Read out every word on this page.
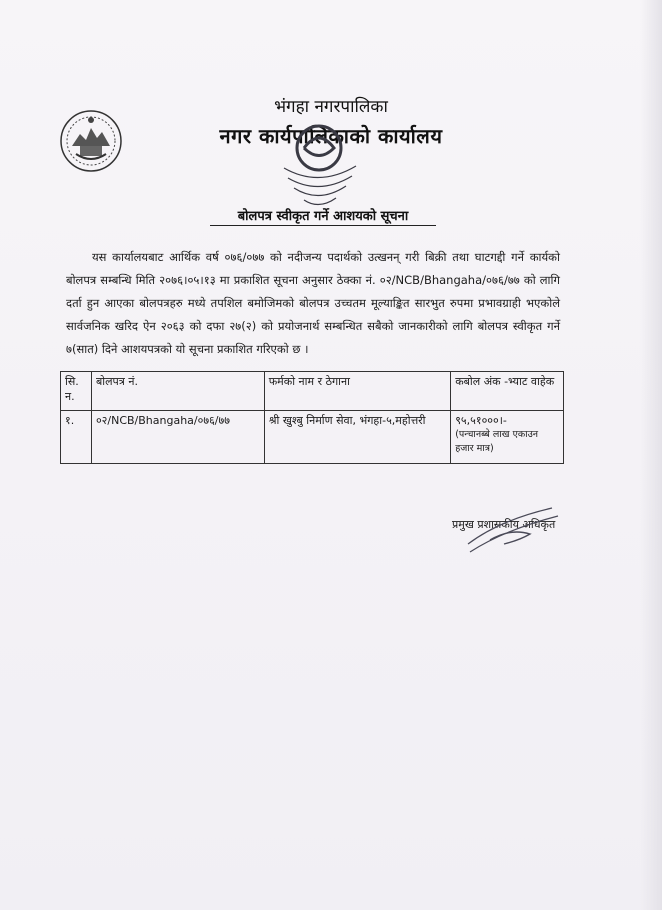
भंगहा नगरपालिका
नगर कार्यपालिकाको कार्यालय
बोलपत्र स्वीकृत गर्ने आशयको सूचना
यस कार्यालयबाट आर्थिक वर्ष ०७६/०७७ को नदीजन्य पदार्थको उत्खनन् गरी बिक्री तथा घाटगद्दी गर्ने कार्यको बोलपत्र सम्बन्धि मिति २०७६।०५।१३ मा प्रकाशित सूचना अनुसार ठेक्का नं. ०२/NCB/Bhangaha/०७६/७७ को लागि दर्ता हुन आएका बोलपत्रहरु मध्ये तपशिल बमोजिमको बोलपत्र उच्चतम मूल्याङ्कित सारभुत रुपमा प्रभावग्राही भएकोले सार्वजनिक खरिद ऐन २०६३ को दफा २७(२) को प्रयोजनार्थ सम्बन्धित सबैको जानकारीको लागि बोलपत्र स्वीकृत गर्ने ७(सात) दिने आशयपत्रको यो सूचना प्रकाशित गरिएको छ ।
सि. न.	बोलपत्र नं.	फर्मको नाम र ठेगाना	कबोल अंक -भ्याट वाहेक
१.	०२/NCB/Bhangaha/०७६/७७	श्री खुश्बु निर्माण सेवा, भंगहा-५,महोत्तरी	९५,५१०००।-
(पन्चानब्बे लाख एकाउन हजार मात्र)
प्रमुख प्रशासकीय अधिकृत
